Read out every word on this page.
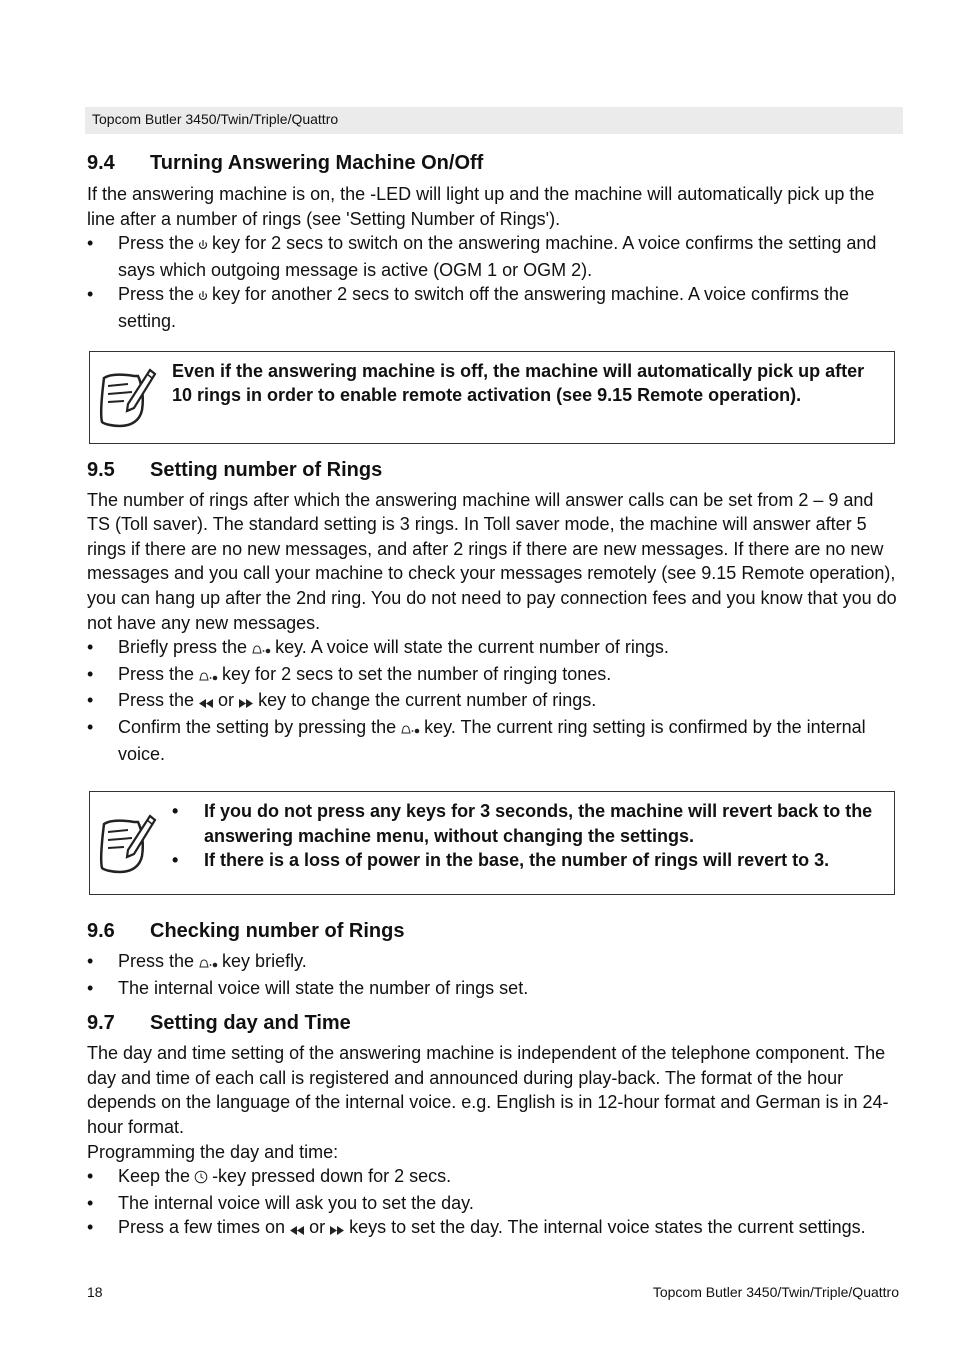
Topcom Butler 3450/Twin/Triple/Quattro
9.4 Turning Answering Machine On/Off

If the answering machine is on, the -LED will light up and the machine will automatically pick up the line after a number of rings (see 'Setting Number of Rings').

• Press the key for 2 secs to switch on the answering machine. A voice confirms the setting and says which outgoing message is active (OGM 1 or OGM 2).
• Press the key for another 2 secs to switch off the answering machine. A voice confirms the setting.

Even if the answering machine is off, the machine will automatically pick up after 10 rings in order to enable remote activation (see 9.15 Remote operation).

9.5 Setting number of Rings

The number of rings after which the answering machine will answer calls can be set from 2 – 9 and TS (Toll saver). The standard setting is 3 rings. In Toll saver mode, the machine will answer after 5 rings if there are no new messages, and after 2 rings if there are new messages. If there are no new messages and you call your machine to check your messages remotely (see 9.15 Remote operation), you can hang up after the 2nd ring. You do not need to pay connection fees and you know that you do not have any new messages.

• Briefly press the key. A voice will state the current number of rings.
• Press the key for 2 secs to set the number of ringing tones.
• Press the or key to change the current number of rings.
• Confirm the setting by pressing the key. The current ring setting is confirmed by the internal voice.
• If you do not press any keys for 3 seconds, the machine will revert back to the answering machine menu, without changing the settings.
• If there is a loss of power in the base, the number of rings will revert to 3.
9.6 Checking number of Rings
• Press the key briefly.
• The internal voice will state the number of rings set.
9.7 Setting day and Time

The day and time setting of the answering machine is independent of the telephone component. The day and time of each call is registered and announced during play-back. The format of the hour depends on the language of the internal voice. e.g. English is in 12-hour format and German is in 24-hour format.

Programming the day and time:

• Keep the -key pressed down for 2 secs.
• The internal voice will ask you to set the day.
• Press a few times on or keys to set the day. The internal voice states the current settings.
18	Topcom Butler 3450/Twin/Triple/Quattro
